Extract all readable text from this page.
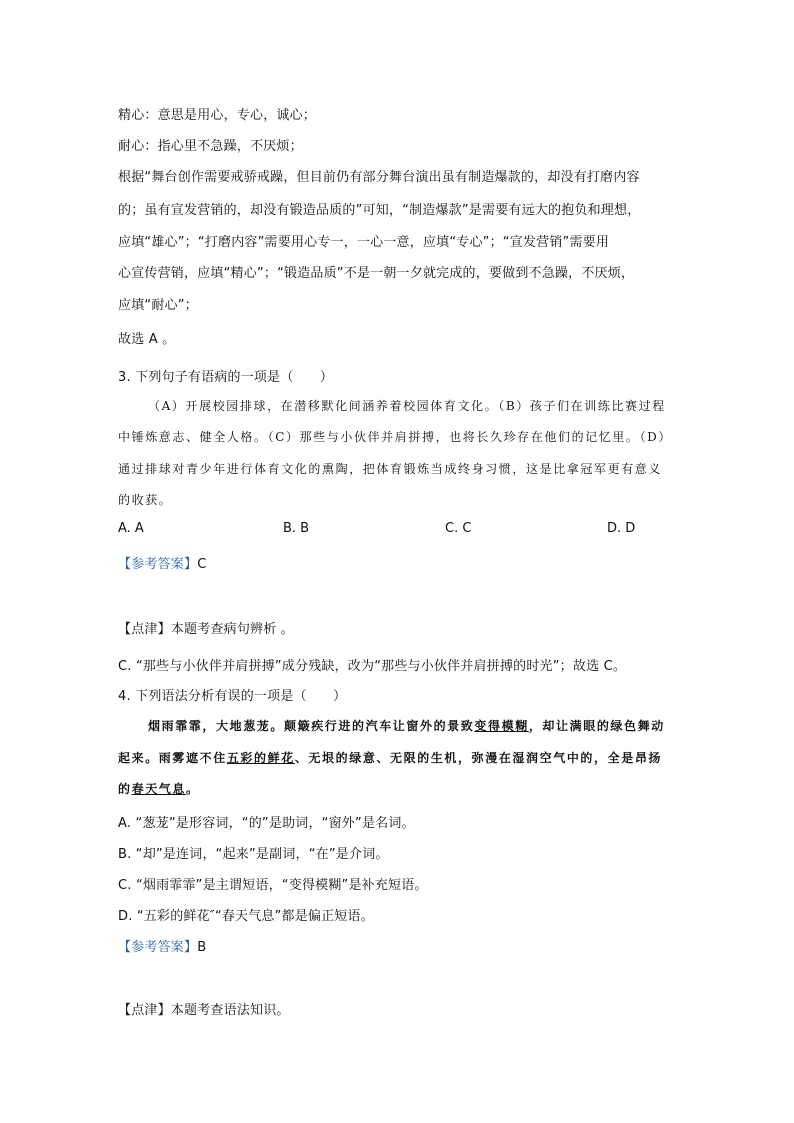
精心：意思是用心，专心，诚心；
耐心：指心里不急躁，不厌烦；
根据“舞台创作需要戒骄戒躁，但目前仍有部分舞台演出虽有制造爆款的，却没有打磨内容
的；虽有宣发营销的，却没有锻造品质的”可知，“制造爆款”是需要有远大的抱负和理想，
应填“雄心”；“打磨内容”需要用心专一，一心一意，应填“专心”；“宣发营销”需要用
心宣传营销，应填“精心”；“锻造品质”不是一朝一夕就完成的，要做到不急躁，不厌烦，
应填“耐心”；
故选 A 。
3. 下列句子有语病的一项是（　　）
（A）开展校园排球，在潜移默化间涵养着校园体育文化。（B）孩子们在训练比赛过程
中锤炼意志、健全人格。（C）那些与小伙伴并肩拼搏，也将长久珍存在他们的记忆里。（D）
通过排球对青少年进行体育文化的熏陶，把体育锻炼当成终身习惯，这是比拿冠军更有意义
的收获。
A. A	B. B	C. C	D. D
【参考答案】C
【点津】本题考查病句辨析 。
C. “那些与小伙伴并肩拼搏”成分残缺，改为“那些与小伙伴并肩拼搏的时光”；故选 C。
4. 下列语法分析有误的一项是（　　）
烟雨霏霏，大地葱茏。颠簸疾行进的汽车让窗外的景致变得模糊，却让满眼的绿色舞动
起来。雨雾遮不住五彩的鲜花、无垠的绿意、无限的生机，弥漫在湿润空气中的，全是昂扬
的春天气息。
A. “葱茏”是形容词，“的”是助词，“窗外”是名词。
B. “却”是连词，“起来”是副词，“在”是介词。
C. “烟雨霏霏”是主谓短语，“变得模糊”是补充短语。
D. “五彩的鲜花″“春天气息”都是偏正短语。
【参考答案】B
【点津】本题考查语法知识。
